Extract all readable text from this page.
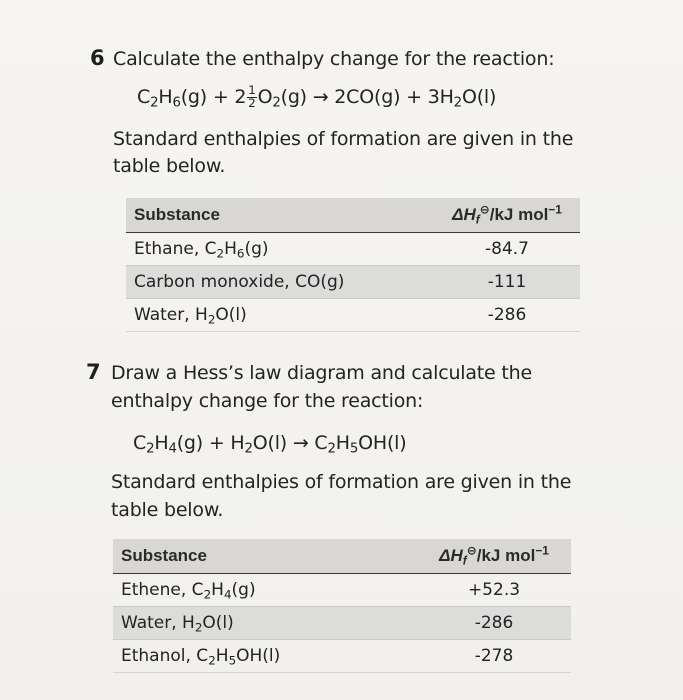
6 Calculate the enthalpy change for the reaction:
$C_2H_6(g) + 2 \frac{1}{2} O_2(g) \to 2CO(g) + 3H_2O(l)$
Standard enthalpies of formation are given in the
table below.
Substance	$\Delta H_f^⊖/kJ$ mol$^{-1}$
Ethane, $C_2H_6(g)$	-84.7
Carbon monoxide, CO(g)	-111
Water, $H_2O(l)$	-286
7 Draw a Hess’s law diagram and calculate the
enthalpy change for the reaction:
$C_2H_4(g) + H_2O(l) \to C_2H_5OH(l)$
Standard enthalpies of formation are given in the
table below.
Substance	$\Delta H_f^⊖/kJ$ mol$^{-1}$
Ethene, $C_2H_4(g)$	+52.3
Water, $H_2O(l)$	-286
Ethanol, $C_2H_5OH(l)$	-278
